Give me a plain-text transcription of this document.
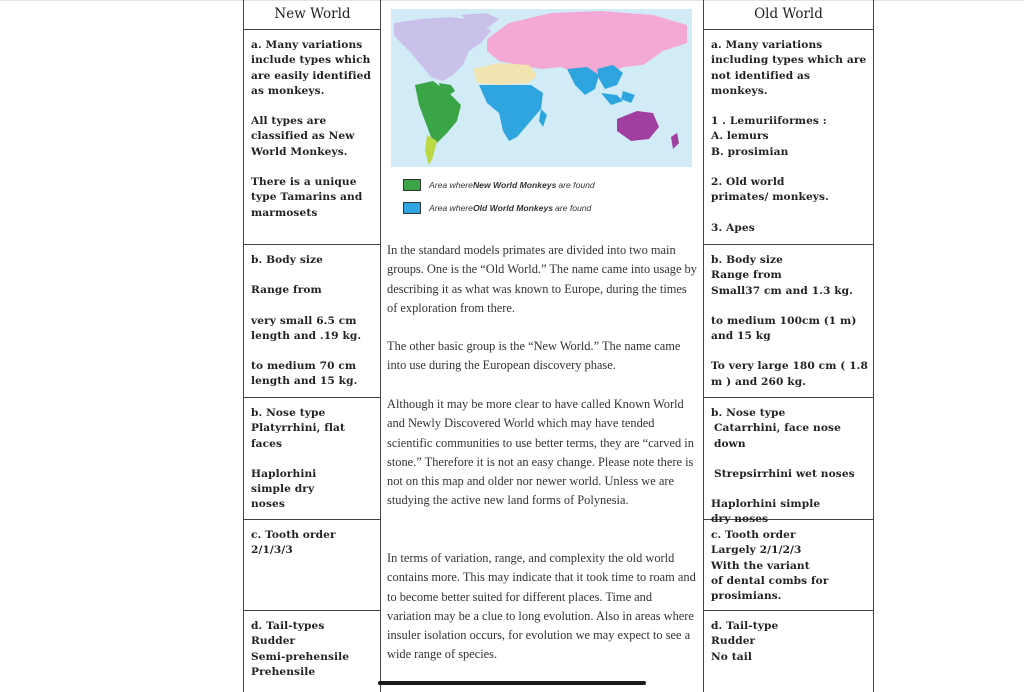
New World	Old World

a. Many variations include types which are easily identified as monkeys.

All types are classified as New World Monkeys.

There is a unique type Tamarins and marmosets

b. Body size

Range from

very small 6.5 cm length and .19 kg.

to medium 70 cm length and 15 kg.

b. Nose type Platyrrhini, flat faces

Haplorhini simple dry noses

c. Tooth order

2/1/3/3

d. Tail-types

Rudder

Semi-prehensile

Prehensile

a. Many variations including types which are not identified as monkeys.

1 . Lemuriiformes :

A. lemurs

B. prosimian

2. Old world primates/ monkeys.

3. Apes

b. Body size

Range from

Small37 cm and 1.3 kg.

to medium 100cm (1 m) and 15 kg

To very large 180 cm ( 1.8 m ) and 260 kg.

b. Nose type

Catarrhini, face nose down

Strepsirrhini wet noses

Haplorhini simple dry noses

c. Tooth order

Largely 2/1/2/3

With the variant

of dental combs for prosimians.

d. Tail-type

Rudder

No tail

Area where New World Monkeys are found
Area where Old World Monkeys are found
In the standard models primates are divided into two main groups. One is the “Old World.” The name came into usage by describing it as what was known to Europe, during the times of exploration from there.
The other basic group is the “New World.” The name came into use during the European discovery phase.
Although it may be more clear to have called Known World and Newly Discovered World which may have tended scientific communities to use better terms, they are “carved in stone.” Therefore it is not an easy change. Please note there is not on this map and older nor newer world. Unless we are studying the active new land forms of Polynesia.
In terms of variation, range, and complexity the old world contains more. This may indicate that it took time to roam and to become better suited for different places. Time and variation may be a clue to long evolution. Also in areas where insuler isolation occurs, for evolution we may expect to see a wide range of species.
